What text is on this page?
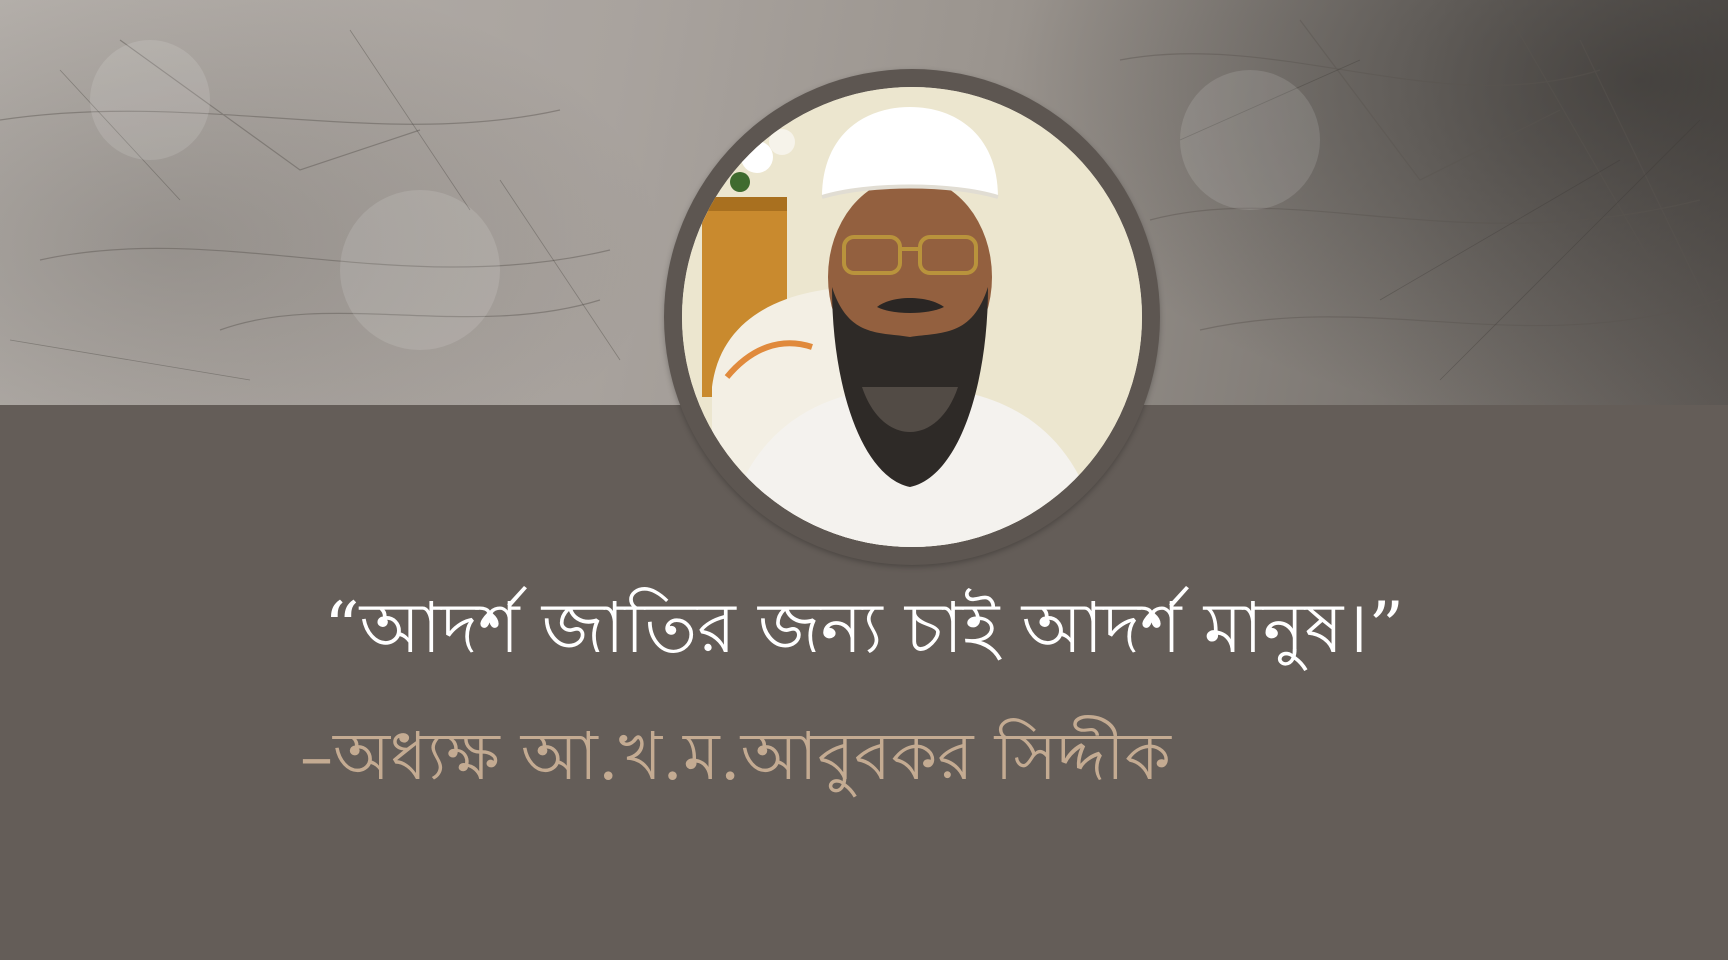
“আদর্শ জাতির জন্য চাই আদর্শ মানুষ।”
–অধ্যক্ষ আ.খ.ম.আবুবকর সিদ্দীক
